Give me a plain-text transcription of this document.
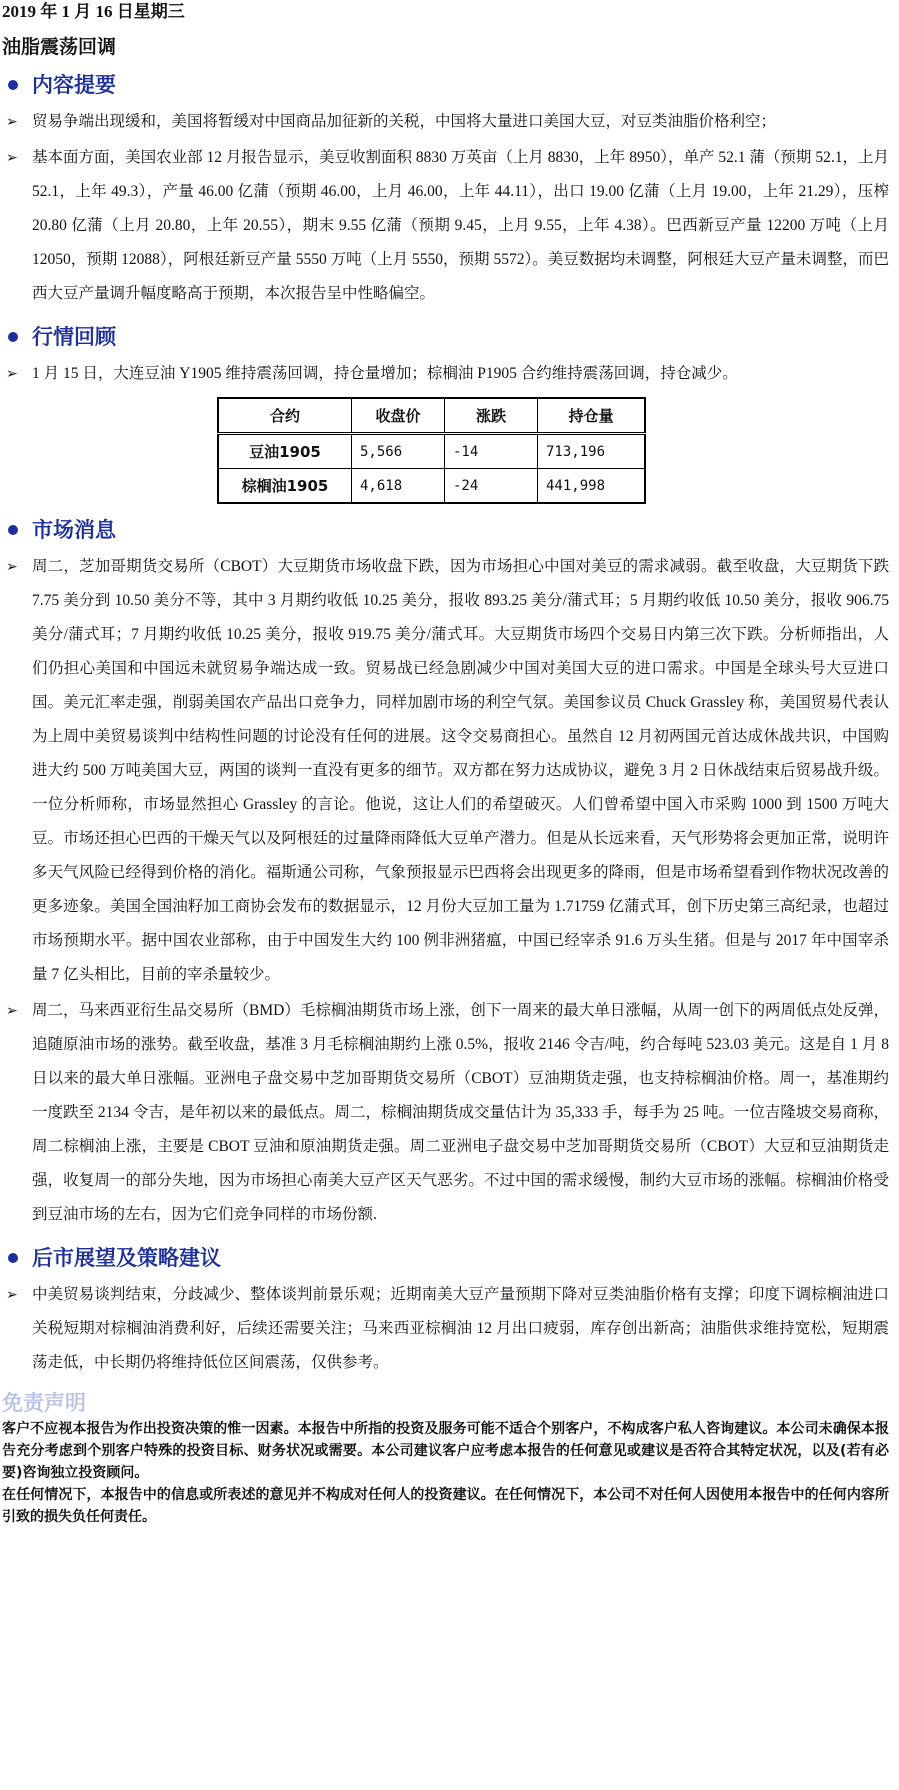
2019 年 1 月 16 日星期三
油脂震荡回调
内容提要
➢ 贸易争端出现缓和，美国将暂缓对中国商品加征新的关税，中国将大量进口美国大豆，对豆类油脂价格利空；
➢ 基本面方面，美国农业部 12 月报告显示，美豆收割面积 8830 万英亩（上月 8830，上年 8950），单产 52.1 蒲（预期 52.1，上月 52.1，上年 49.3），产量 46.00 亿蒲（预期 46.00，上月 46.00，上年 44.11），出口 19.00 亿蒲（上月 19.00，上年 21.29），压榨 20.80 亿蒲（上月 20.80，上年 20.55），期末 9.55 亿蒲（预期 9.45，上月 9.55，上年 4.38）。巴西新豆产量 12200 万吨（上月 12050，预期 12088），阿根廷新豆产量 5550 万吨（上月 5550，预期 5572）。美豆数据均未调整，阿根廷大豆产量未调整，而巴西大豆产量调升幅度略高于预期，本次报告呈中性略偏空。
行情回顾
➢ 1 月 15 日，大连豆油 Y1905 维持震荡回调，持仓量增加；棕榈油 P1905 合约维持震荡回调，持仓减少。
合约	收盘价	涨跌	持仓量
豆油1905	5,566	-14	713,196
棕榈油1905	4,618	-24	441,998
市场消息
➢ 周二，芝加哥期货交易所（CBOT）大豆期货市场收盘下跌，因为市场担心中国对美豆的需求减弱。截至收盘，大豆期货下跌 7.75 美分到 10.50 美分不等，其中 3 月期约收低 10.25 美分，报收 893.25 美分/蒲式耳；5 月期约收低 10.50 美分，报收 906.75 美分/蒲式耳；7 月期约收低 10.25 美分，报收 919.75 美分/蒲式耳。大豆期货市场四个交易日内第三次下跌。分析师指出，人们仍担心美国和中国远未就贸易争端达成一致。贸易战已经急剧减少中国对美国大豆的进口需求。中国是全球头号大豆进口国。美元汇率走强，削弱美国农产品出口竞争力，同样加剧市场的利空气氛。美国参议员 Chuck Grassley 称，美国贸易代表认为上周中美贸易谈判中结构性问题的讨论没有任何的进展。这令交易商担心。虽然自 12 月初两国元首达成休战共识，中国购进大约 500 万吨美国大豆，两国的谈判一直没有更多的细节。双方都在努力达成协议，避免 3 月 2 日休战结束后贸易战升级。一位分析师称，市场显然担心 Grassley 的言论。他说，这让人们的希望破灭。人们曾希望中国入市采购 1000 到 1500 万吨大豆。市场还担心巴西的干燥天气以及阿根廷的过量降雨降低大豆单产潜力。但是从长远来看，天气形势将会更加正常，说明许多天气风险已经得到价格的消化。福斯通公司称，气象预报显示巴西将会出现更多的降雨，但是市场希望看到作物状况改善的更多迹象。美国全国油籽加工商协会发布的数据显示，12 月份大豆加工量为 1.71759 亿蒲式耳，创下历史第三高纪录，也超过市场预期水平。据中国农业部称，由于中国发生大约 100 例非洲猪瘟，中国已经宰杀 91.6 万头生猪。但是与 2017 年中国宰杀量 7 亿头相比，目前的宰杀量较少。
➢ 周二，马来西亚衍生品交易所（BMD）毛棕榈油期货市场上涨，创下一周来的最大单日涨幅，从周一创下的两周低点处反弹，追随原油市场的涨势。截至收盘，基准 3 月毛棕榈油期约上涨 0.5%，报收 2146 令吉/吨，约合每吨 523.03 美元。这是自 1 月 8 日以来的最大单日涨幅。亚洲电子盘交易中芝加哥期货交易所（CBOT）豆油期货走强，也支持棕榈油价格。周一，基准期约一度跌至 2134 令吉，是年初以来的最低点。周二，棕榈油期货成交量估计为 35,333 手，每手为 25 吨。一位吉隆坡交易商称，周二棕榈油上涨，主要是 CBOT 豆油和原油期货走强。周二亚洲电子盘交易中芝加哥期货交易所（CBOT）大豆和豆油期货走强，收复周一的部分失地，因为市场担心南美大豆产区天气恶劣。不过中国的需求缓慢，制约大豆市场的涨幅。棕榈油价格受到豆油市场的左右，因为它们竞争同样的市场份额.
后市展望及策略建议
➢ 中美贸易谈判结束，分歧减少、整体谈判前景乐观；近期南美大豆产量预期下降对豆类油脂价格有支撑；印度下调棕榈油进口关税短期对棕榈油消费利好，后续还需要关注；马来西亚棕榈油 12 月出口疲弱，库存创出新高；油脂供求维持宽松，短期震荡走低，中长期仍将维持低位区间震荡，仅供参考。
免责声明

客户不应视本报告为作出投资决策的惟一因素。本报告中所指的投资及服务可能不适合个别客户，不构成客户私人咨询建议。本公司未确保本报告充分考虑到个别客户特殊的投资目标、财务状况或需要。本公司建议客户应考虑本报告的任何意见或建议是否符合其特定状况，以及(若有必要)咨询独立投资顾问。

在任何情况下，本报告中的信息或所表述的意见并不构成对任何人的投资建议。在任何情况下，本公司不对任何人因使用本报告中的任何内容所引致的损失负任何责任。
